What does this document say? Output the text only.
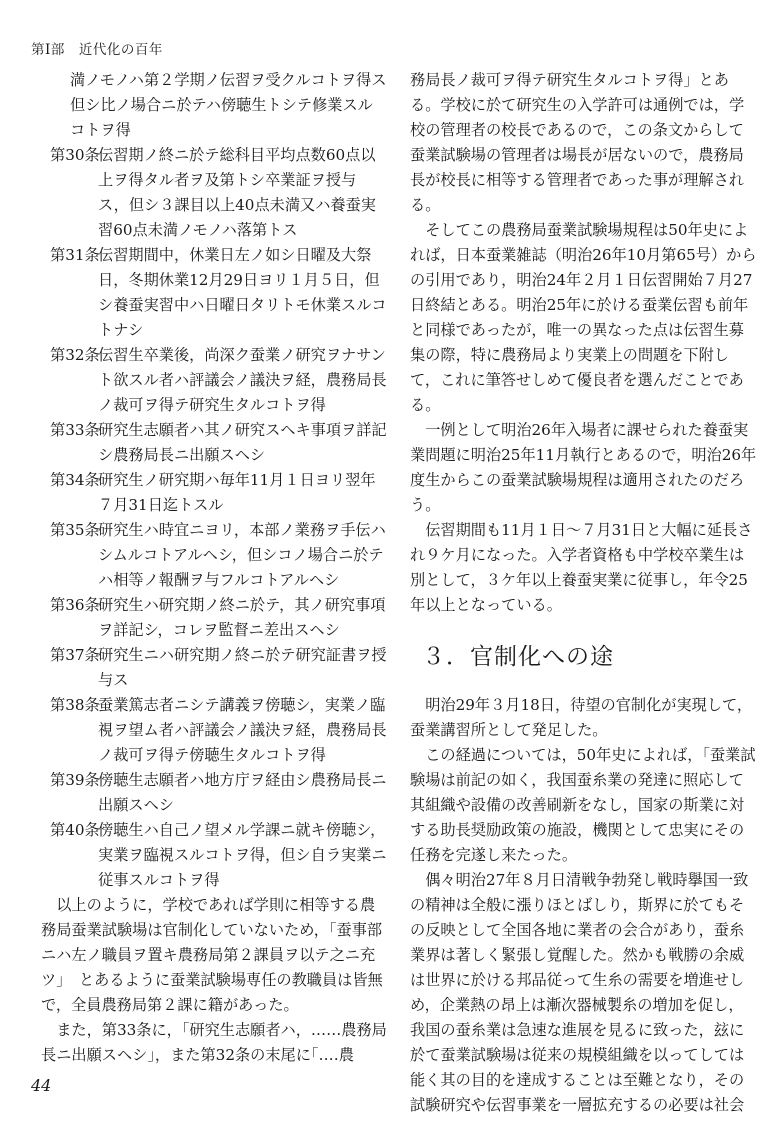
第Ⅰ部　近代化の百年
満ノモノハ第２学期ノ伝習ヲ受クルコトヲ得ス　但シ比ノ場合ニ於テハ傍聴生トシテ修業スルコトヲ得
第30条
伝習期ノ終ニ於テ総科目平均点数60点以上ヲ得タル者ヲ及第トシ卒業証ヲ授与ス，但シ３課目以上40点未満又ハ養蚕実習60点未満ノモノハ落第トス
第31条
伝習期間中，休業日左ノ如シ日曜及大祭日，冬期休業12月29日ヨリ１月５日，但シ養蚕実習中ハ日曜日タリトモ休業スルコトナシ
第32条
伝習生卒業後，尚深ク蚕業ノ研究ヲナサント欲スル者ハ評議会ノ議決ヲ経，農務局長ノ裁可ヲ得テ研究生タルコトヲ得
第33条
研究生志願者ハ其ノ研究スヘキ事項ヲ詳記シ農務局長ニ出願スヘシ
第34条
研究生ノ研究期ハ毎年11月１日ヨリ翌年７月31日迄トスル
第35条
研究生ハ時宜ニヨリ，本部ノ業務ヲ手伝ハシムルコトアルヘシ，但シコノ場合ニ於テハ相等ノ報酬ヲ与フルコトアルヘシ
第36条
研究生ハ研究期ノ終ニ於テ，其ノ研究事項ヲ詳記シ，コレヲ監督ニ差出スヘシ
第37条
研究生ニハ研究期ノ終ニ於テ研究証書ヲ授与ス
第38条
蚕業篤志者ニシテ講義ヲ傍聴シ，実業ノ臨視ヲ望ム者ハ評議会ノ議決ヲ経，農務局長ノ裁可ヲ得テ傍聴生タルコトヲ得
第39条
傍聴生志願者ハ地方庁ヲ経由シ農務局長ニ出願スヘシ
第40条
傍聴生ハ自己ノ望メル学課ニ就キ傍聴シ，実業ヲ臨視スルコトヲ得，但シ自ラ実業ニ従事スルコトヲ得

以上のように，学校であれば学則に相等する農務局蚕業試験場は官制化していないため，｢蚕事部ニハ左ノ職員ヲ置キ農務局第２課員ヲ以テ之ニ充ツ」　とあるように蚕業試験場専任の教職員は皆無で，全員農務局第２課に籍があった。

また，第33条に，｢研究生志願者ハ，……農務局長ニ出願スヘシ」，また第32条の末尾に｢‥‥農

務局長ノ裁可ヲ得テ研究生タルコトヲ得」とある。学校に於て研究生の入学許可は通例では，学校の管理者の校長であるので，この条文からして蚕業試験場の管理者は場長が居ないので，農務局長が校長に相等する管理者であった事が理解される。

そしてこの農務局蚕業試験場規程は50年史によれば，日本蚕業雑誌（明治26年10月第65号）からの引用であり，明治24年２月１日伝習開始７月27日終結とある。明治25年に於ける蚕業伝習も前年と同様であったが，唯一の異なった点は伝習生募集の際，特に農務局より実業上の問題を下附して，これに筆答せしめて優良者を選んだことである。

一例として明治26年入場者に課せられた養蚕実業問題に明治25年11月執行とあるので，明治26年度生からこの蚕業試験場規程は適用されたのだろう。

伝習期間も11月１日～７月31日と大幅に延長され９ケ月になった。入学者資格も中学校卒業生は別として，３ケ年以上養蚕実業に従事し，年令25年以上となっている。

３．官制化への途

明治29年３月18日，待望の官制化が実現して，蚕業講習所として発足した。

この経過については，50年史によれば，｢蚕業試験場は前記の如く，我国蚕糸業の発達に照応して其組織や設備の改善刷新をなし，国家の斯業に対する助長奨励政策の施設，機関として忠実にその任務を完遂し来たった。

偶々明治27年８月日清戦争勃発し戦時擧国一致の精神は全般に漲りほとばしり，斯界に於てもその反映として全国各地に業者の会合があり，蚕糸業界は著しく緊張し覚醒した。然かも戦勝の余威は世界に於ける邦品従って生糸の需要を増進せしめ，企業熱の昂上は漸次器械製糸の増加を促し，我国の蚕糸業は急速な進展を見るに致った，玆に於て蚕業試験場は従来の規模組織を以ってしては能く其の目的を達成することは至難となり，その試験研究や伝習事業を一層拡充するの必要は社会

44
